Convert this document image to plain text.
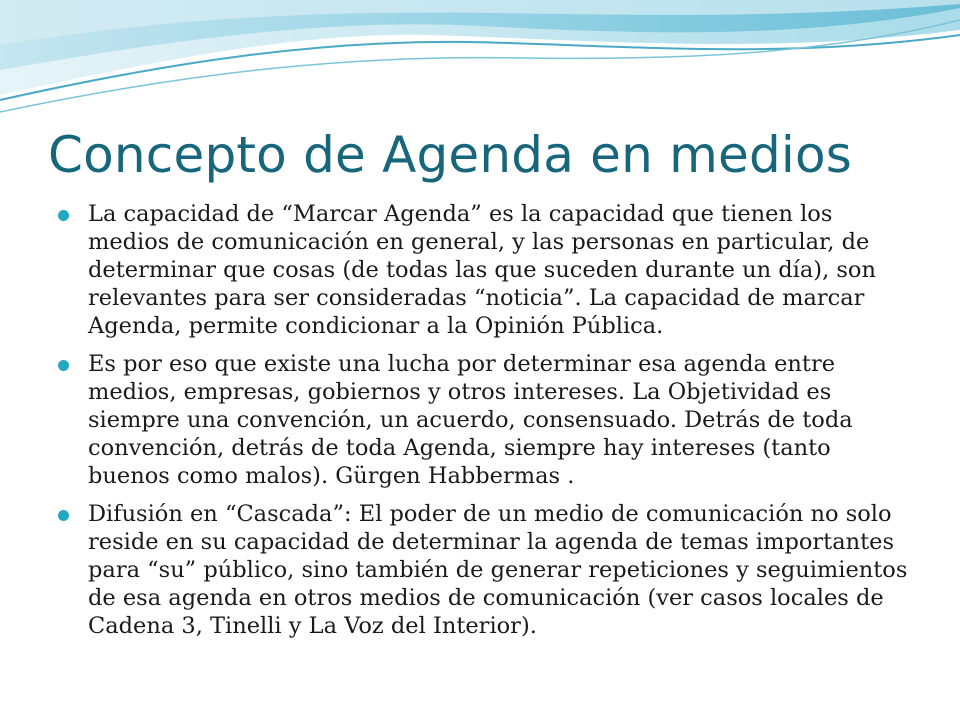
Concepto de Agenda en medios
La capacidad de “Marcar Agenda” es la capacidad que tienen los medios de comunicación en general, y las personas en particular, de determinar que cosas (de todas las que suceden durante un día), son relevantes para ser consideradas “noticia”. La capacidad de marcar Agenda, permite condicionar a la Opinión Pública.
Es por eso que existe una lucha por determinar esa agenda entre medios, empresas, gobiernos y otros intereses. La Objetividad es siempre una convención, un acuerdo, consensuado. Detrás de toda convención, detrás de toda Agenda, siempre hay intereses (tanto buenos como malos). Gürgen Habbermas .
Difusión en “Cascada”: El poder de un medio de comunicación no solo reside en su capacidad de determinar la agenda de temas importantes para “su” público, sino también de generar repeticiones y seguimientos de esa agenda en otros medios de comunicación (ver casos locales de Cadena 3, Tinelli y La Voz del Interior).
